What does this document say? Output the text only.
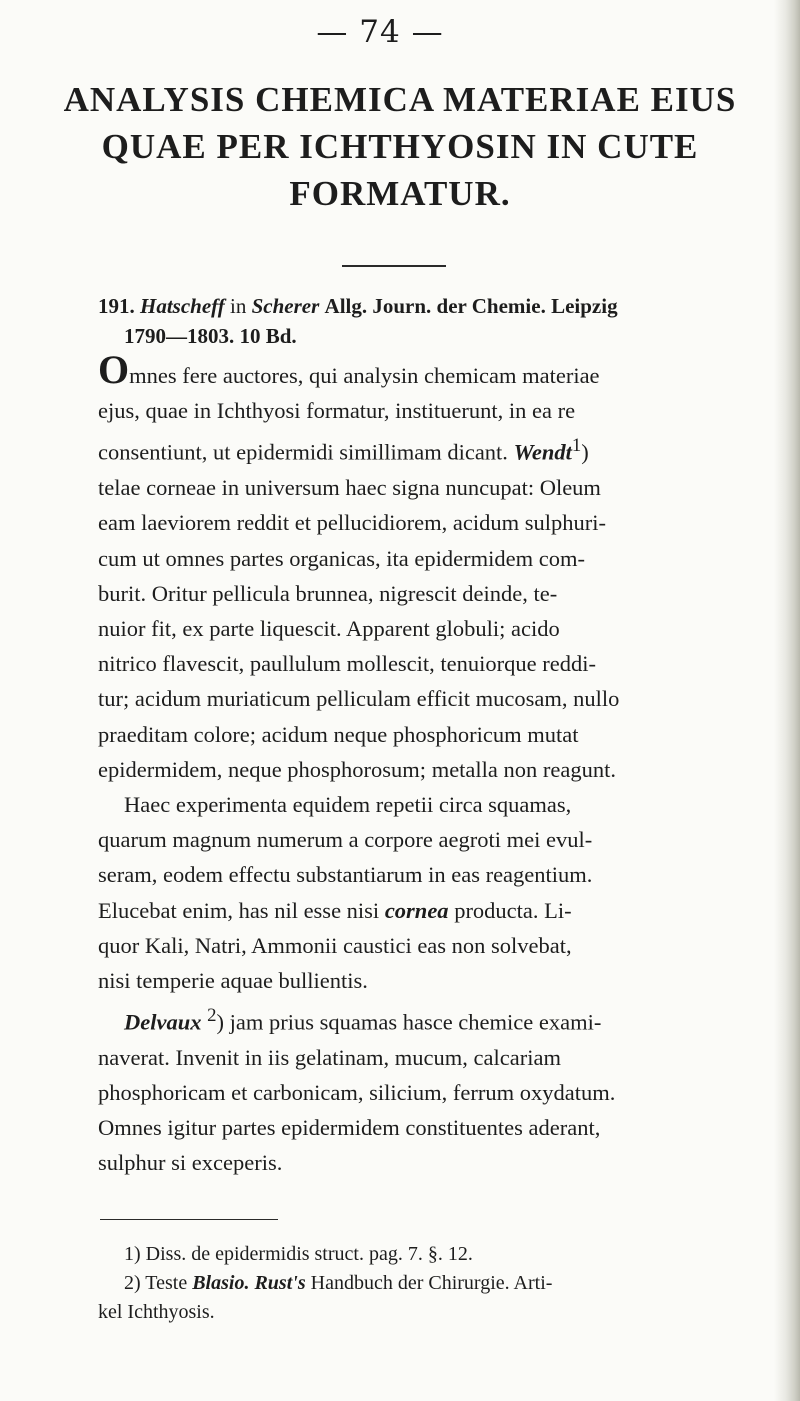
— 74 —
ANALYSIS CHEMICA MATERIAE EIUS
QUAE PER ICHTHYOSIN IN CUTE
FORMATUR.
191. Hatscheff in Scherer Allg. Journ. der Chemie. Leipzig
1790—1803. 10 Bd.
Omnes fere auctores, qui analysin chemicam materiae
ejus, quae in Ichthyosi formatur, instituerunt, in ea re
consentiunt, ut epidermidi simillimam dicant. Wendt$^1$)
telae corneae in universum haec signa nuncupat: Oleum
eam laeviorem reddit et pellucidiorem, acidum sulphuri-
cum ut omnes partes organicas, ita epidermidem com-
burit. Oritur pellicula brunnea, nigrescit deinde, te-
nuior fit, ex parte liquescit. Apparent globuli; acido
nitrico flavescit, paullulum mollescit, tenuiorque reddi-
tur; acidum muriaticum pelliculam efficit mucosam, nullo
praeditam colore; acidum neque phosphoricum mutat
epidermidem, neque phosphorosum; metalla non reagunt.
Haec experimenta equidem repetii circa squamas,
quarum magnum numerum a corpore aegroti mei evul-
seram, eodem effectu substantiarum in eas reagentium.
Elucebat enim, has nil esse nisi cornea producta. Li-
quor Kali, Natri, Ammonii caustici eas non solvebat,
nisi temperie aquae bullientis.
Delvaux $^2$) jam prius squamas hasce chemice exami-
naverat. Invenit in iis gelatinam, mucum, calcariam
phosphoricam et carbonicam, silicium, ferrum oxydatum.
Omnes igitur partes epidermidem constituentes aderant,
sulphur si exceperis.
1) Diss. de epidermidis struct. pag. 7. §. 12.
2) Teste Blasio. Rust's Handbuch der Chirurgie. Arti-
kel Ichthyosis.
